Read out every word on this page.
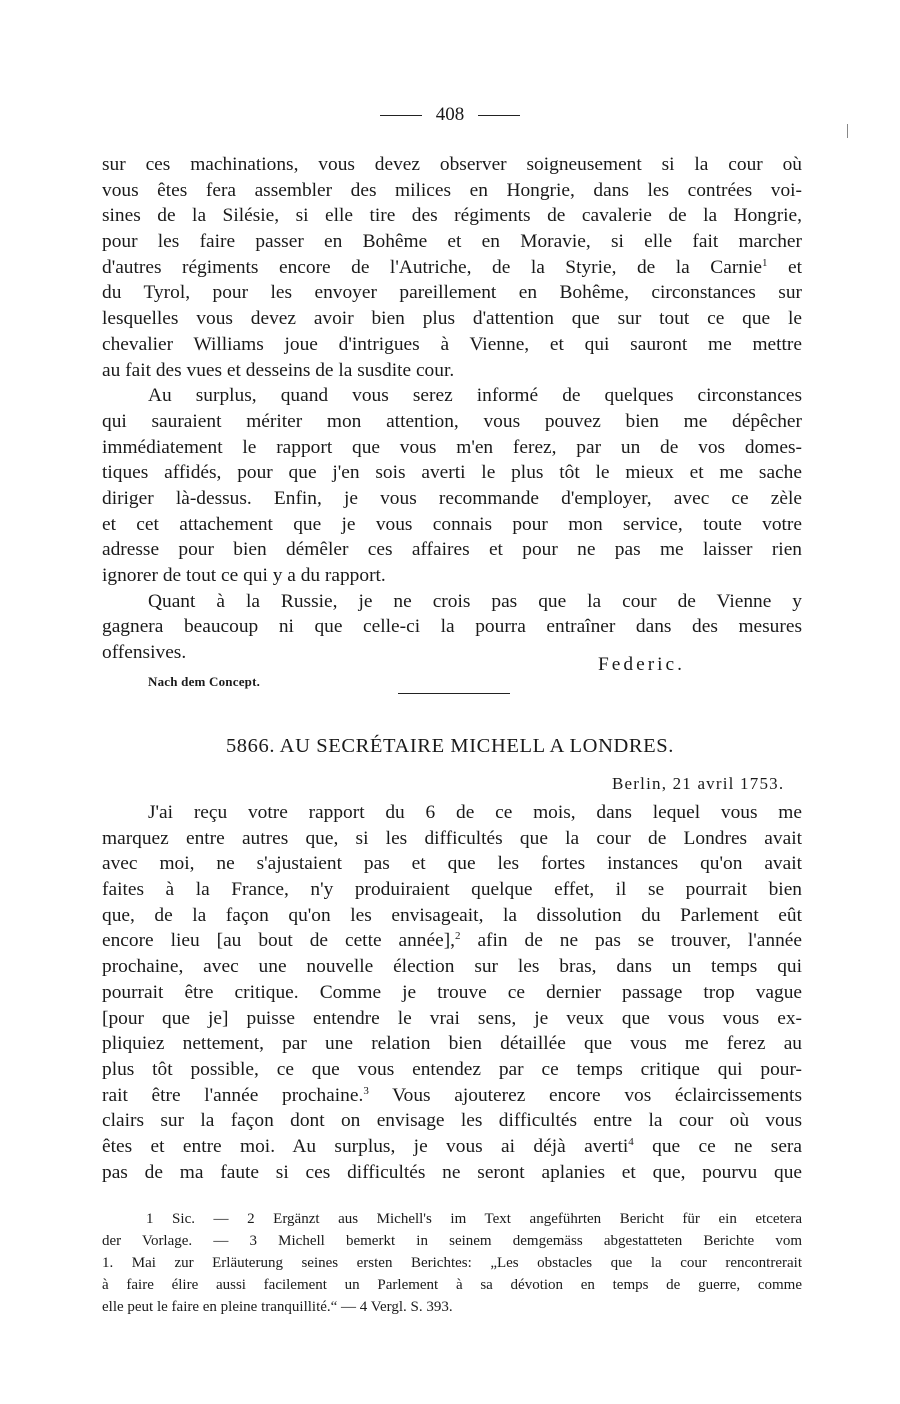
408
sur ces machinations, vous devez observer soigneusement si la cour où
vous êtes fera assembler des milices en Hongrie, dans les contrées voi-
sines de la Silésie, si elle tire des régiments de cavalerie de la Hongrie,
pour les faire passer en Bohême et en Moravie, si elle fait marcher
d'autres régiments encore de l'Autriche, de la Styrie, de la Carnie$^1$ et
du Tyrol, pour les envoyer pareillement en Bohême, circonstances sur
lesquelles vous devez avoir bien plus d'attention que sur tout ce que le
chevalier Williams joue d'intrigues à Vienne, et qui sauront me mettre
au fait des vues et desseins de la susdite cour.
Au surplus, quand vous serez informé de quelques circonstances
qui sauraient mériter mon attention, vous pouvez bien me dépêcher
immédiatement le rapport que vous m'en ferez, par un de vos domes-
tiques affidés, pour que j'en sois averti le plus tôt le mieux et me sache
diriger là-dessus. Enfin, je vous recommande d'employer, avec ce zèle
et cet attachement que je vous connais pour mon service, toute votre
adresse pour bien démêler ces affaires et pour ne pas me laisser rien
ignorer de tout ce qui y a du rapport.
Quant à la Russie, je ne crois pas que la cour de Vienne y
gagnera beaucoup ni que celle-ci la pourra entraîner dans des mesures
offensives.
Federic.
Nach dem Concept.
5866. AU SECRÉTAIRE MICHELL A LONDRES.
Berlin, 21 avril 1753.
J'ai reçu votre rapport du 6 de ce mois, dans lequel vous me
marquez entre autres que, si les difficultés que la cour de Londres avait
avec moi, ne s'ajustaient pas et que les fortes instances qu'on avait
faites à la France, n'y produiraient quelque effet, il se pourrait bien
que, de la façon qu'on les envisageait, la dissolution du Parlement eût
encore lieu [au bout de cette année],$^2$ afin de ne pas se trouver, l'année
prochaine, avec une nouvelle élection sur les bras, dans un temps qui
pourrait être critique. Comme je trouve ce dernier passage trop vague
[pour que je] puisse entendre le vrai sens, je veux que vous vous ex-
pliquiez nettement, par une relation bien détaillée que vous me ferez au
plus tôt possible, ce que vous entendez par ce temps critique qui pour-
rait être l'année prochaine.$^3$ Vous ajouterez encore vos éclaircissements
clairs sur la façon dont on envisage les difficultés entre la cour où vous
êtes et entre moi. Au surplus, je vous ai déjà averti$^4$ que ce ne sera
pas de ma faute si ces difficultés ne seront aplanies et que, pourvu que
1 Sic. — 2 Ergänzt aus Michell's im Text angeführten Bericht für ein etcetera
der Vorlage. — 3 Michell bemerkt in seinem demgemäss abgestatteten Berichte vom
1. Mai zur Erläuterung seines ersten Berichtes: „Les obstacles que la cour rencontrerait
à faire élire aussi facilement un Parlement à sa dévotion en temps de guerre, comme
elle peut le faire en pleine tranquillité.“ — 4 Vergl. S. 393.
